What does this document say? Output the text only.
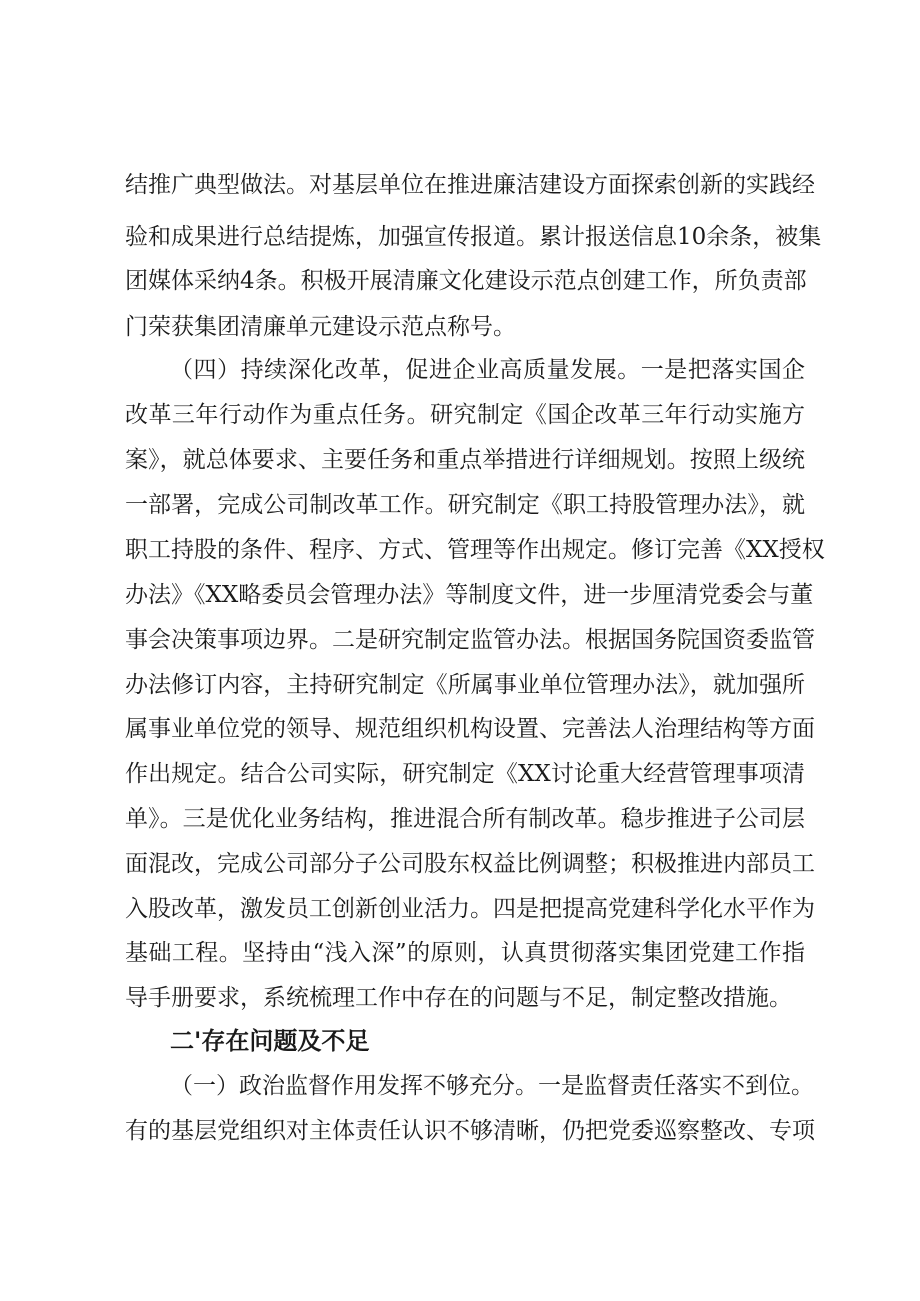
结推广典型做法。对基层单位在推进廉洁建设方面探索创新的实践经
验和成果进行总结提炼，加强宣传报道。累计报送信息10余条，被集
团媒体采纳4条。积极开展清廉文化建设示范点创建工作，所负责部
门荣获集团清廉单元建设示范点称号。
（四）持续深化改革，促进企业高质量发展。一是把落实国企
改革三年行动作为重点任务。研究制定《国企改革三年行动实施方
案》，就总体要求、主要任务和重点举措进行详细规划。按照上级统
一部署，完成公司制改革工作。研究制定《职工持股管理办法》，就
职工持股的条件、程序、方式、管理等作出规定。修订完善《XX授权
办法》《XX略委员会管理办法》等制度文件，进一步厘清党委会与董
事会决策事项边界。二是研究制定监管办法。根据国务院国资委监管
办法修订内容，主持研究制定《所属事业单位管理办法》，就加强所
属事业单位党的领导、规范组织机构设置、完善法人治理结构等方面
作出规定。结合公司实际，研究制定《XX讨论重大经营管理事项清
单》。三是优化业务结构，推进混合所有制改革。稳步推进子公司层
面混改，完成公司部分子公司股东权益比例调整；积极推进内部员工
入股改革，激发员工创新创业活力。四是把提高党建科学化水平作为
基础工程。坚持由“浅入深”的原则，认真贯彻落实集团党建工作指
导手册要求，系统梳理工作中存在的问题与不足，制定整改措施。
二'存在问题及不足
（一）政治监督作用发挥不够充分。一是监督责任落实不到位。
有的基层党组织对主体责任认识不够清晰，仍把党委巡察整改、专项
